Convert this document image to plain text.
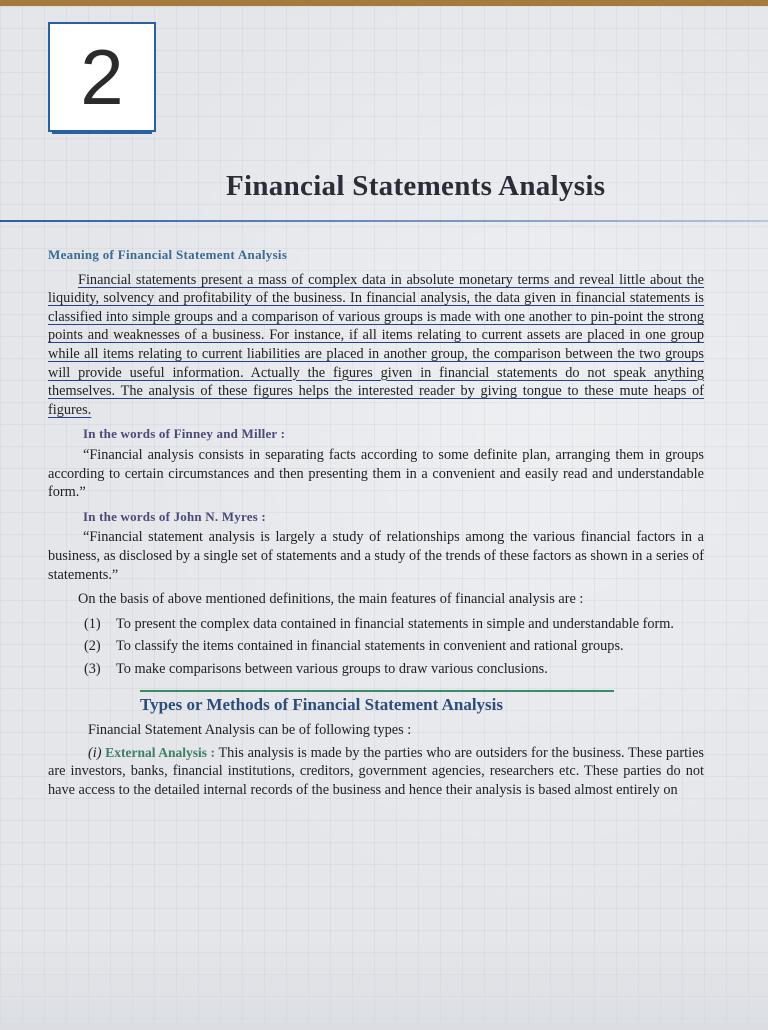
2
Financial Statements Analysis
Meaning of Financial Statement Analysis

Financial statements present a mass of complex data in absolute monetary terms and reveal little about the liquidity, solvency and profitability of the business. In financial analysis, the data given in financial statements is classified into simple groups and a comparison of various groups is made with one another to pin-point the strong points and weaknesses of a business. For instance, if all items relating to current assets are placed in one group while all items relating to current liabilities are placed in another group, the comparison between the two groups will provide useful information. Actually the figures given in financial statements do not speak anything themselves. The analysis of these figures helps the interested reader by giving tongue to these mute heaps of figures.

In the words of Finney and Miller :

“Financial analysis consists in separating facts according to some definite plan, arranging them in groups according to certain circumstances and then presenting them in a convenient and easily read and understandable form.”

In the words of John N. Myres :

“Financial statement analysis is largely a study of relationships among the various financial factors in a business, as disclosed by a single set of statements and a study of the trends of these factors as shown in a series of statements.”

On the basis of above mentioned definitions, the main features of financial analysis are :

(1)	To present the complex data contained in financial statements in simple and understandable form.
(2)	To classify the items contained in financial statements in convenient and rational groups.
(3)	To make comparisons between various groups to draw various conclusions.
Types or Methods of Financial Statement Analysis

Financial Statement Analysis can be of following types :

(i) External Analysis : This analysis is made by the parties who are outsiders for the business. These parties are investors, banks, financial institutions, creditors, government agencies, researchers etc. These parties do not have access to the detailed internal records of the business and hence their analysis is based almost entirely on
